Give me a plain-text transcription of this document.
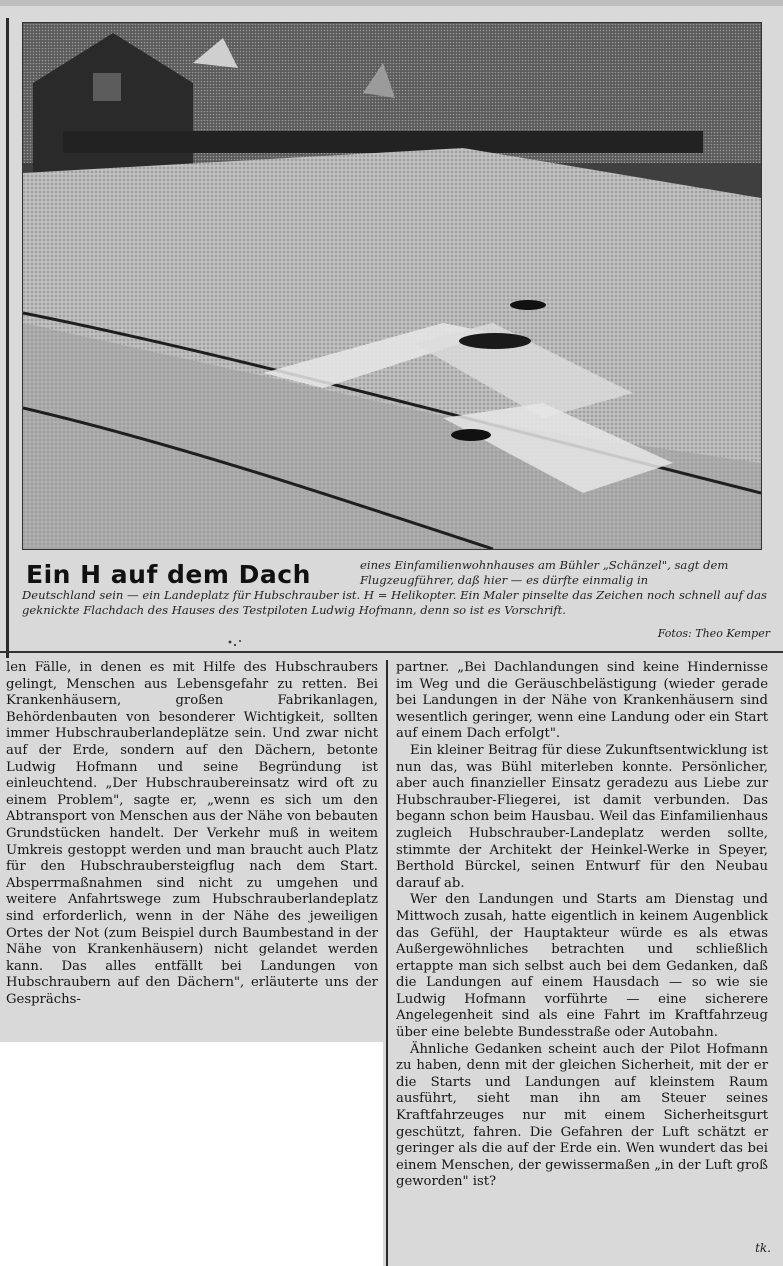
Ein H auf dem Dach	eines Einfamilienwohnhauses am Bühler „Schänzel", sagt dem Flugzeugführer, daß hier — es dürfte einmalig in
Deutschland sein — ein Landeplatz für Hubschrauber ist. H = Helikopter. Ein Maler pinselte das Zeichen noch schnell auf das geknickte Flachdach des Hauses des Testpiloten Ludwig Hofmann, denn so ist es Vorschrift.
Fotos: Theo Kemper

len Fälle, in denen es mit Hilfe des Hubschraubers gelingt, Menschen aus Lebensgefahr zu retten. Bei Krankenhäusern, großen Fabrikanlagen, Behördenbauten von besonderer Wichtigkeit, sollten immer Hubschrauberlandeplätze sein. Und zwar nicht auf der Erde, sondern auf den Dächern, betonte Ludwig Hofmann und seine Begründung ist einleuchtend. „Der Hubschraubereinsatz wird oft zu einem Problem", sagte er, „wenn es sich um den Abtransport von Menschen aus der Nähe von bebauten Grundstücken handelt. Der Verkehr muß in weitem Umkreis gestoppt werden und man braucht auch Platz für den Hubschraubersteigflug nach dem Start. Absperrmaßnahmen sind nicht zu umgehen und weitere Anfahrtswege zum Hubschrauberlandeplatz sind erforderlich, wenn in der Nähe des jeweiligen Ortes der Not (zum Beispiel durch Baumbestand in der Nähe von Krankenhäusern) nicht gelandet werden kann. Das alles entfällt bei Landungen von Hubschraubern auf den Dächern", erläuterte uns der Gesprächs-

partner. „Bei Dachlandungen sind keine Hindernisse im Weg und die Geräuschbelästigung (wieder gerade bei Landungen in der Nähe von Krankenhäusern sind wesentlich geringer, wenn eine Landung oder ein Start auf einem Dach erfolgt".

Ein kleiner Beitrag für diese Zukunftsentwicklung ist nun das, was Bühl miterleben konnte. Persönlicher, aber auch finanzieller Einsatz geradezu aus Liebe zur Hubschrauber-Fliegerei, ist damit verbunden. Das begann schon beim Hausbau. Weil das Einfamilienhaus zugleich Hubschrauber-Landeplatz werden sollte, stimmte der Architekt der Heinkel-Werke in Speyer, Berthold Bürckel, seinen Entwurf für den Neubau darauf ab.

Wer den Landungen und Starts am Dienstag und Mittwoch zusah, hatte eigentlich in keinem Augenblick das Gefühl, der Hauptakteur würde es als etwas Außergewöhnliches betrachten und schließlich ertappte man sich selbst auch bei dem Gedanken, daß die Landungen auf einem Hausdach — so wie sie Ludwig Hofmann vorführte — eine sicherere Angelegenheit sind als eine Fahrt im Kraftfahrzeug über eine belebte Bundesstraße oder Autobahn.

Ähnliche Gedanken scheint auch der Pilot Hofmann zu haben, denn mit der gleichen Sicherheit, mit der er die Starts und Landungen auf kleinstem Raum ausführt, sieht man ihn am Steuer seines Kraftfahrzeuges nur mit einem Sicherheitsgurt geschützt, fahren. Die Gefahren der Luft schätzt er geringer als die auf der Erde ein. Wen wundert das bei einem Menschen, der gewissermaßen „in der Luft groß geworden" ist?

tk.
